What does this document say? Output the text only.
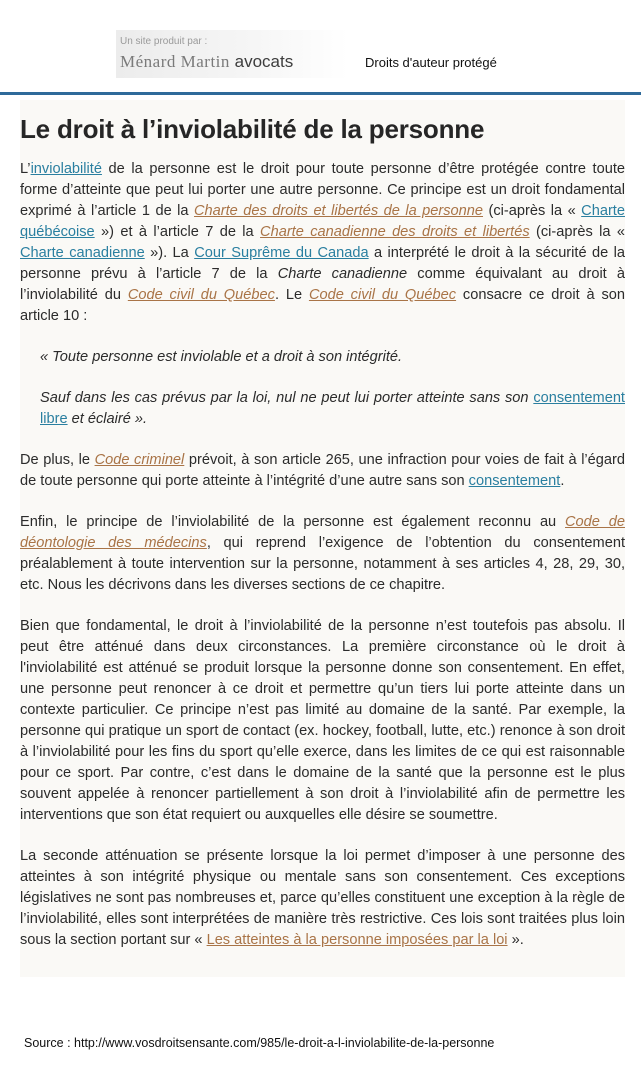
Un site produit par :
Ménard Martin avocats	Droits d'auteur protégé
Le droit à l’inviolabilité de la personne

L’inviolabilité de la personne est le droit pour toute personne d’être protégée contre toute forme d’atteinte que peut lui porter une autre personne. Ce principe est un droit fondamental exprimé à l’article 1 de la Charte des droits et libertés de la personne (ci-après la « Charte québécoise ») et à l’article 7 de la Charte canadienne des droits et libertés (ci-après la « Charte canadienne »). La Cour Suprême du Canada a interprété le droit à la sécurité de la personne prévu à l’article 7 de la Charte canadienne comme équivalant au droit à l’inviolabilité du Code civil du Québec. Le Code civil du Québec consacre ce droit à son article 10 :

« Toute personne est inviolable et a droit à son intégrité.

Sauf dans les cas prévus par la loi, nul ne peut lui porter atteinte sans son consentement libre et éclairé ».

De plus, le Code criminel prévoit, à son article 265, une infraction pour voies de fait à l’égard de toute personne qui porte atteinte à l’intégrité d’une autre sans son consentement.

Enfin, le principe de l’inviolabilité de la personne est également reconnu au Code de déontologie des médecins, qui reprend l’exigence de l’obtention du consentement préalablement à toute intervention sur la personne, notamment à ses articles 4, 28, 29, 30, etc. Nous les décrivons dans les diverses sections de ce chapitre.

Bien que fondamental, le droit à l’inviolabilité de la personne n’est toutefois pas absolu. Il peut être atténué dans deux circonstances. La première circonstance où le droit à l'inviolabilité est atténué se produit lorsque la personne donne son consentement. En effet, une personne peut renoncer à ce droit et permettre qu’un tiers lui porte atteinte dans un contexte particulier. Ce principe n’est pas limité au domaine de la santé. Par exemple, la personne qui pratique un sport de contact (ex. hockey, football, lutte, etc.) renonce à son droit à l’inviolabilité pour les fins du sport qu’elle exerce, dans les limites de ce qui est raisonnable pour ce sport. Par contre, c’est dans le domaine de la santé que la personne est le plus souvent appelée à renoncer partiellement à son droit à l’inviolabilité afin de permettre les interventions que son état requiert ou auxquelles elle désire se soumettre.

La seconde atténuation se présente lorsque la loi permet d’imposer à une personne des atteintes à son intégrité physique ou mentale sans son consentement. Ces exceptions législatives ne sont pas nombreuses et, parce qu’elles constituent une exception à la règle de l’inviolabilité, elles sont interprétées de manière très restrictive. Ces lois sont traitées plus loin sous la section portant sur « Les atteintes à la personne imposées par la loi ».

Source : http://www.vosdroitsensante.com/985/le-droit-a-l-inviolabilite-de-la-personne
